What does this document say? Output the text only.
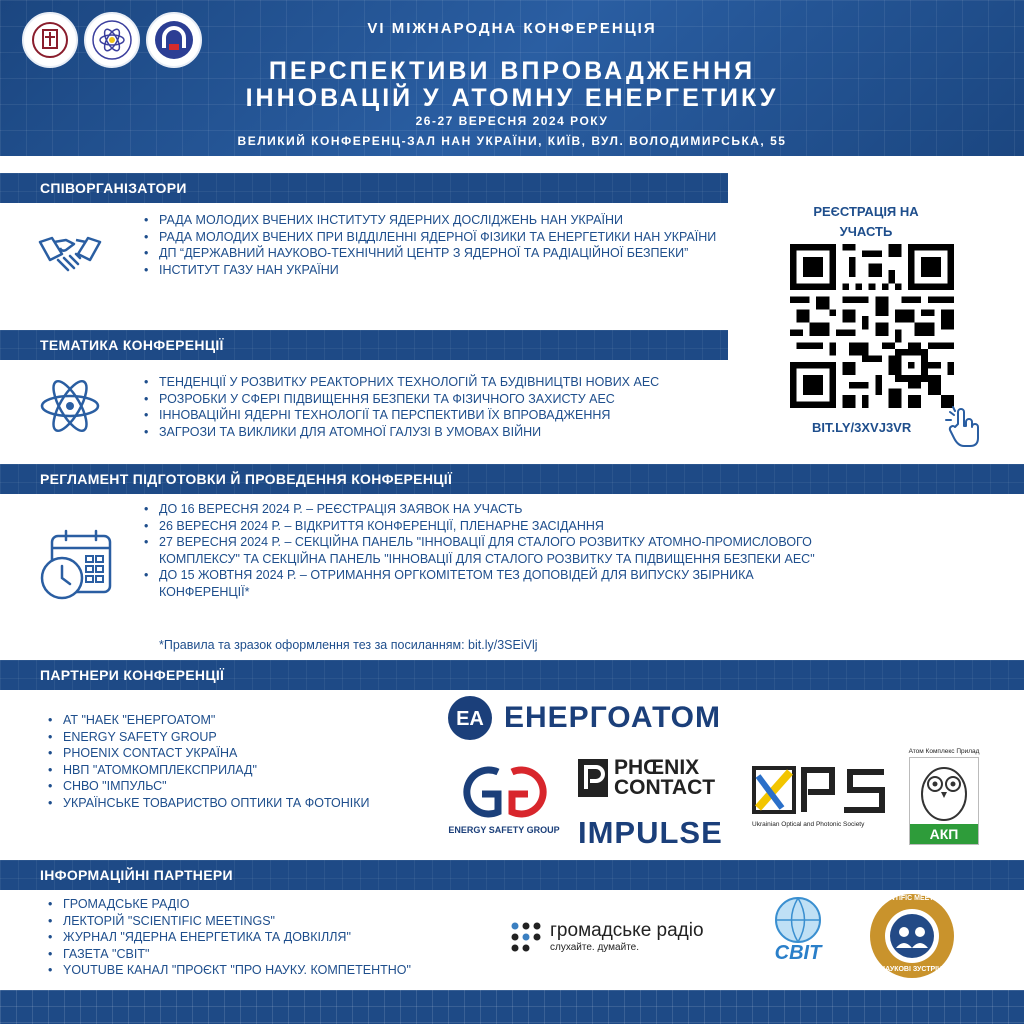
VI МІЖНАРОДНА КОНФЕРЕНЦІЯ
ПЕРСПЕКТИВИ ВПРОВАДЖЕННЯ
ІННОВАЦІЙ У АТОМНУ ЕНЕРГЕТИКУ
26-27 ВЕРЕСНЯ 2024 РОКУ
ВЕЛИКИЙ КОНФЕРЕНЦ-ЗАЛ НАН УКРАЇНИ, КИЇВ, ВУЛ. ВОЛОДИМИРСЬКА, 55
СПІВОРГАНІЗАТОРИ
• РАДА МОЛОДИХ ВЧЕНИХ ІНСТИТУТУ ЯДЕРНИХ ДОСЛІДЖЕНЬ НАН УКРАЇНИ
• РАДА МОЛОДИХ ВЧЕНИХ ПРИ ВІДДІЛЕННІ ЯДЕРНОЇ ФІЗИКИ ТА ЕНЕРГЕТИКИ НАН УКРАЇНИ
• ДП “ДЕРЖАВНИЙ НАУКОВО-ТЕХНІЧНИЙ ЦЕНТР З ЯДЕРНОЇ ТА РАДІАЦІЙНОЇ БЕЗПЕКИ”
• ІНСТИТУТ ГАЗУ НАН УКРАЇНИ
ТЕМАТИКА КОНФЕРЕНЦІЇ
• ТЕНДЕНЦІЇ У РОЗВИТКУ РЕАКТОРНИХ ТЕХНОЛОГІЙ ТА БУДІВНИЦТВІ НОВИХ АЕС
• РОЗРОБКИ У СФЕРІ ПІДВИЩЕННЯ БЕЗПЕКИ ТА ФІЗИЧНОГО ЗАХИСТУ АЕС
• ІННОВАЦІЙНІ ЯДЕРНІ ТЕХНОЛОГІЇ ТА ПЕРСПЕКТИВИ ЇХ ВПРОВАДЖЕННЯ
• ЗАГРОЗИ ТА ВИКЛИКИ ДЛЯ АТОМНОЇ ГАЛУЗІ В УМОВАХ ВІЙНИ
РЕГЛАМЕНТ ПІДГОТОВКИ Й ПРОВЕДЕННЯ КОНФЕРЕНЦІЇ
• ДО 16 ВЕРЕСНЯ 2024 Р. – РЕЄСТРАЦІЯ ЗАЯВОК НА УЧАСТЬ
• 26 ВЕРЕСНЯ 2024 Р. – ВІДКРИТТЯ КОНФЕРЕНЦІЇ, ПЛЕНАРНЕ ЗАСІДАННЯ
• 27 ВЕРЕСНЯ 2024 Р. – СЕКЦІЙНА ПАНЕЛЬ "ІННОВАЦІЇ ДЛЯ СТАЛОГО РОЗВИТКУ АТОМНО-ПРОМИСЛОВОГО КОМПЛЕКСУ" ТА СЕКЦІЙНА ПАНЕЛЬ "ІННОВАЦІЇ ДЛЯ СТАЛОГО РОЗВИТКУ ТА ПІДВИЩЕННЯ БЕЗПЕКИ АЕС"
• ДО 15 ЖОВТНЯ 2024 Р. – ОТРИМАННЯ ОРГКОМІТЕТОМ ТЕЗ ДОПОВІДЕЙ ДЛЯ ВИПУСКУ ЗБІРНИКА КОНФЕРЕНЦІЇ*
*Правила та зразок оформлення тез за посиланням: bit.ly/3SEiVlj
РЕЄСТРАЦІЯ НА УЧАСТЬ
BIT.LY/3XVJ3VR
ПАРТНЕРИ КОНФЕРЕНЦІЇ
• АТ "НАЕК "ЕНЕРГОАТОМ"
• ENERGY SAFETY GROUP
• PHOENIX CONTACT УКРАЇНА
• НВП "АТОМКОМПЛЕКСПРИЛАД"
• СНВО "ІМПУЛЬС"
• УКРАЇНСЬКЕ ТОВАРИСТВО ОПТИКИ ТА ФОТОНІКИ
EA ЕНЕРГОАТОМ
ENERGY SAFETY GROUP
PHŒNIX
CONTACT
IMPULSE	Ukrainian Optical and Photonic Society
Атом Комплекс Прилад
АКП
ІНФОРМАЦІЙНІ ПАРТНЕРИ
• ГРОМАДСЬКЕ РАДІО
• ЛЕКТОРІЙ "SCIENTIFIC MEETINGS"
• ЖУРНАЛ "ЯДЕРНА ЕНЕРГЕТИКА ТА ДОВКІЛЛЯ"
• ГАЗЕТА "СВІТ"
• YOUTUBE КАНАЛ "ПРОЄКТ "ПРО НАУКУ. КОМПЕТЕНТНО"
громадське радіо
слухайте. думайте.	СВІТ
SCIENTIFIC MEETINGS
НАУКОВІ ЗУСТРІЧІ
